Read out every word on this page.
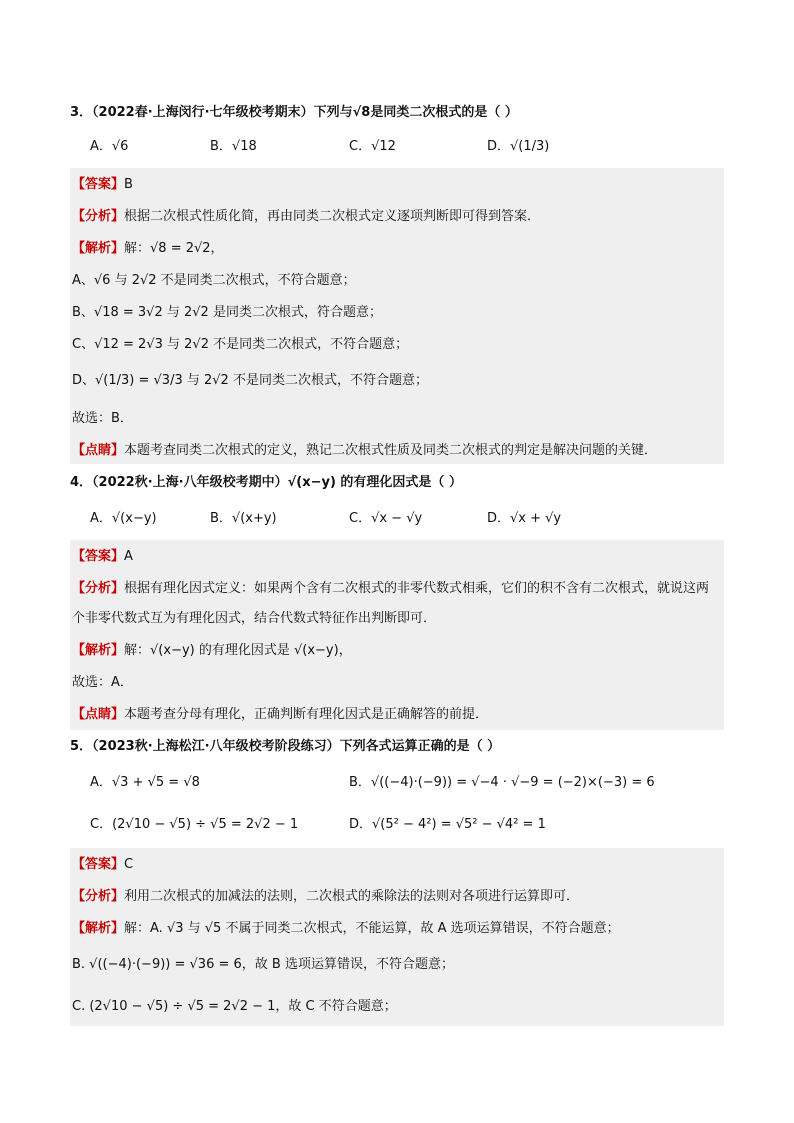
3．（2022春·上海闵行·七年级校考期末）下列与√8是同类二次根式的是（ ）
A．√6	B．√18	C．√12	D．√(1/3)
【答案】B
【分析】根据二次根式性质化简，再由同类二次根式定义逐项判断即可得到答案．
【解析】解：√8 = 2√2，
A、√6 与 2√2 不是同类二次根式，不符合题意；
B、√18 = 3√2 与 2√2 是同类二次根式，符合题意；
C、√12 = 2√3 与 2√2 不是同类二次根式，不符合题意；
D、√(1/3) = √3/3 与 2√2 不是同类二次根式，不符合题意；
故选：B．
【点睛】本题考查同类二次根式的定义，熟记二次根式性质及同类二次根式的判定是解决问题的关键．
4．（2022秋·上海·八年级校考期中）√(x−y) 的有理化因式是（ ）
A．√(x−y)	B．√(x+y)	C．√x − √y	D．√x + √y
【答案】A
【分析】根据有理化因式定义：如果两个含有二次根式的非零代数式相乘，它们的积不含有二次根式，就说这两个非零代数式互为有理化因式，结合代数式特征作出判断即可．
【解析】解：√(x−y) 的有理化因式是 √(x−y)，
故选：A．
【点睛】本题考查分母有理化，正确判断有理化因式是正确解答的前提．
5．（2023秋·上海松江·八年级校考阶段练习）下列各式运算正确的是（ ）
A．√3 + √5 = √8	B．√((−4)·(−9)) = √−4 · √−9 = (−2)×(−3) = 6
C．(2√10 − √5) ÷ √5 = 2√2 − 1	D．√(5² − 4²) = √5² − √4² = 1
【答案】C
【分析】利用二次根式的加减法的法则，二次根式的乘除法的法则对各项进行运算即可．
【解析】解：A. √3 与 √5 不属于同类二次根式，不能运算，故 A 选项运算错误，不符合题意；
B. √((−4)·(−9)) = √36 = 6，故 B 选项运算错误，不符合题意；
C. (2√10 − √5) ÷ √5 = 2√2 − 1，故 C 不符合题意；
